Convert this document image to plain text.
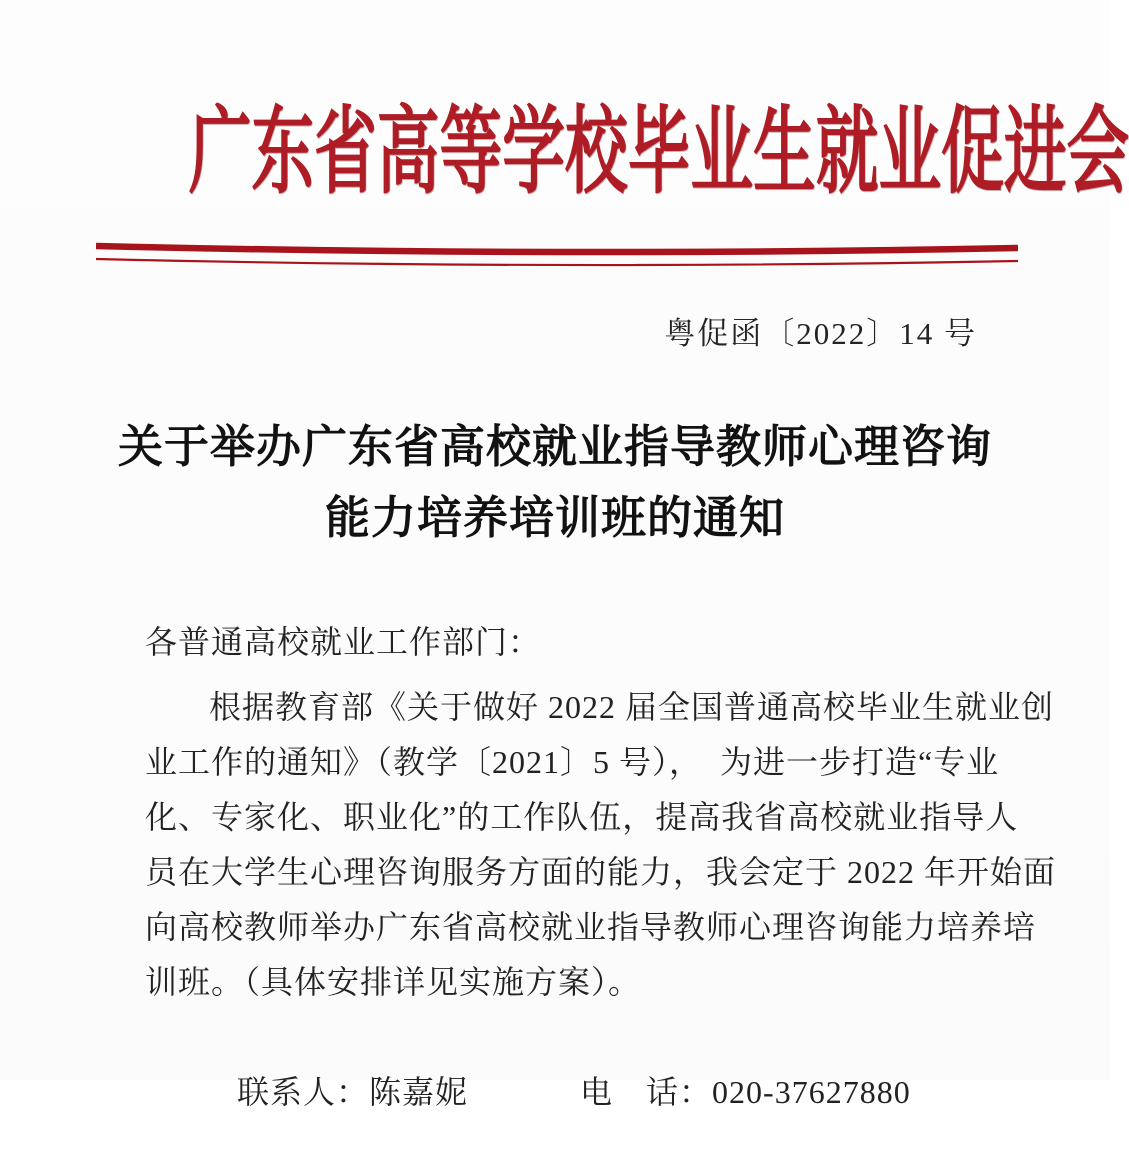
广东省高等学校毕业生就业促进会
粤促函〔2022〕14 号
关于举办广东省高校就业指导教师心理咨询
能力培养培训班的通知
各普通高校就业工作部门：
根据教育部《关于做好 2022 届全国普通高校毕业生就业创
业工作的通知》（教学〔2021〕5 号），  为进一步打造“专业
化、专家化、职业化”的工作队伍，提高我省高校就业指导人
员在大学生心理咨询服务方面的能力，我会定于 2022 年开始面
向高校教师举办广东省高校就业指导教师心理咨询能力培养培
训班。（具体安排详见实施方案）。

联系人：陈嘉妮	电　话：020-37627880
